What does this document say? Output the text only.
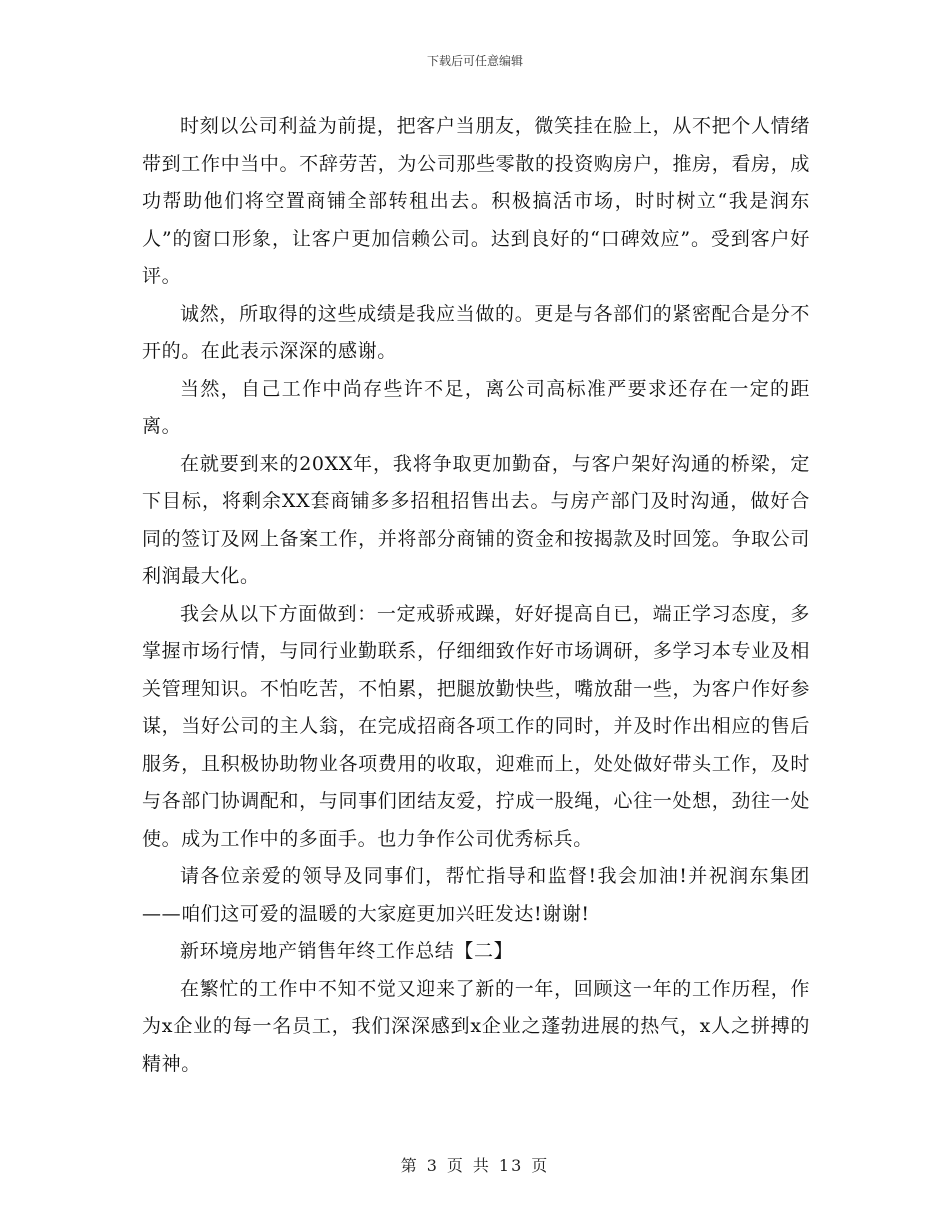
下载后可任意编辑

时刻以公司利益为前提，把客户当朋友，微笑挂在脸上，从不把个人情绪带到工作中当中。不辞劳苦，为公司那些零散的投资购房户，推房，看房，成功帮助他们将空置商铺全部转租出去。积极搞活市场，时时树立“我是润东人”的窗口形象，让客户更加信赖公司。达到良好的“口碑效应”。受到客户好评。

诚然，所取得的这些成绩是我应当做的。更是与各部们的紧密配合是分不开的。在此表示深深的感谢。

当然，自己工作中尚存些许不足，离公司高标准严要求还存在一定的距离。

在就要到来的20XX年，我将争取更加勤奋，与客户架好沟通的桥梁，定下目标，将剩余XX套商铺多多招租招售出去。与房产部门及时沟通，做好合同的签订及网上备案工作，并将部分商铺的资金和按揭款及时回笼。争取公司利润最大化。

我会从以下方面做到：一定戒骄戒躁，好好提高自已，端正学习态度，多掌握市场行情，与同行业勤联系，仔细细致作好市场调研，多学习本专业及相关管理知识。不怕吃苦，不怕累，把腿放勤快些，嘴放甜一些，为客户作好参谋，当好公司的主人翁，在完成招商各项工作的同时，并及时作出相应的售后服务，且积极协助物业各项费用的收取，迎难而上，处处做好带头工作，及时与各部门协调配和，与同事们团结友爱，拧成一股绳，心往一处想，劲往一处使。成为工作中的多面手。也力争作公司优秀标兵。

请各位亲爱的领导及同事们，帮忙指导和监督!我会加油!并祝润东集团——咱们这可爱的温暖的大家庭更加兴旺发达!谢谢!

新环境房地产销售年终工作总结【二】

在繁忙的工作中不知不觉又迎来了新的一年，回顾这一年的工作历程，作为x企业的每一名员工，我们深深感到x企业之蓬勃进展的热气，x人之拼搏的精神。

第 3 页 共 13 页
